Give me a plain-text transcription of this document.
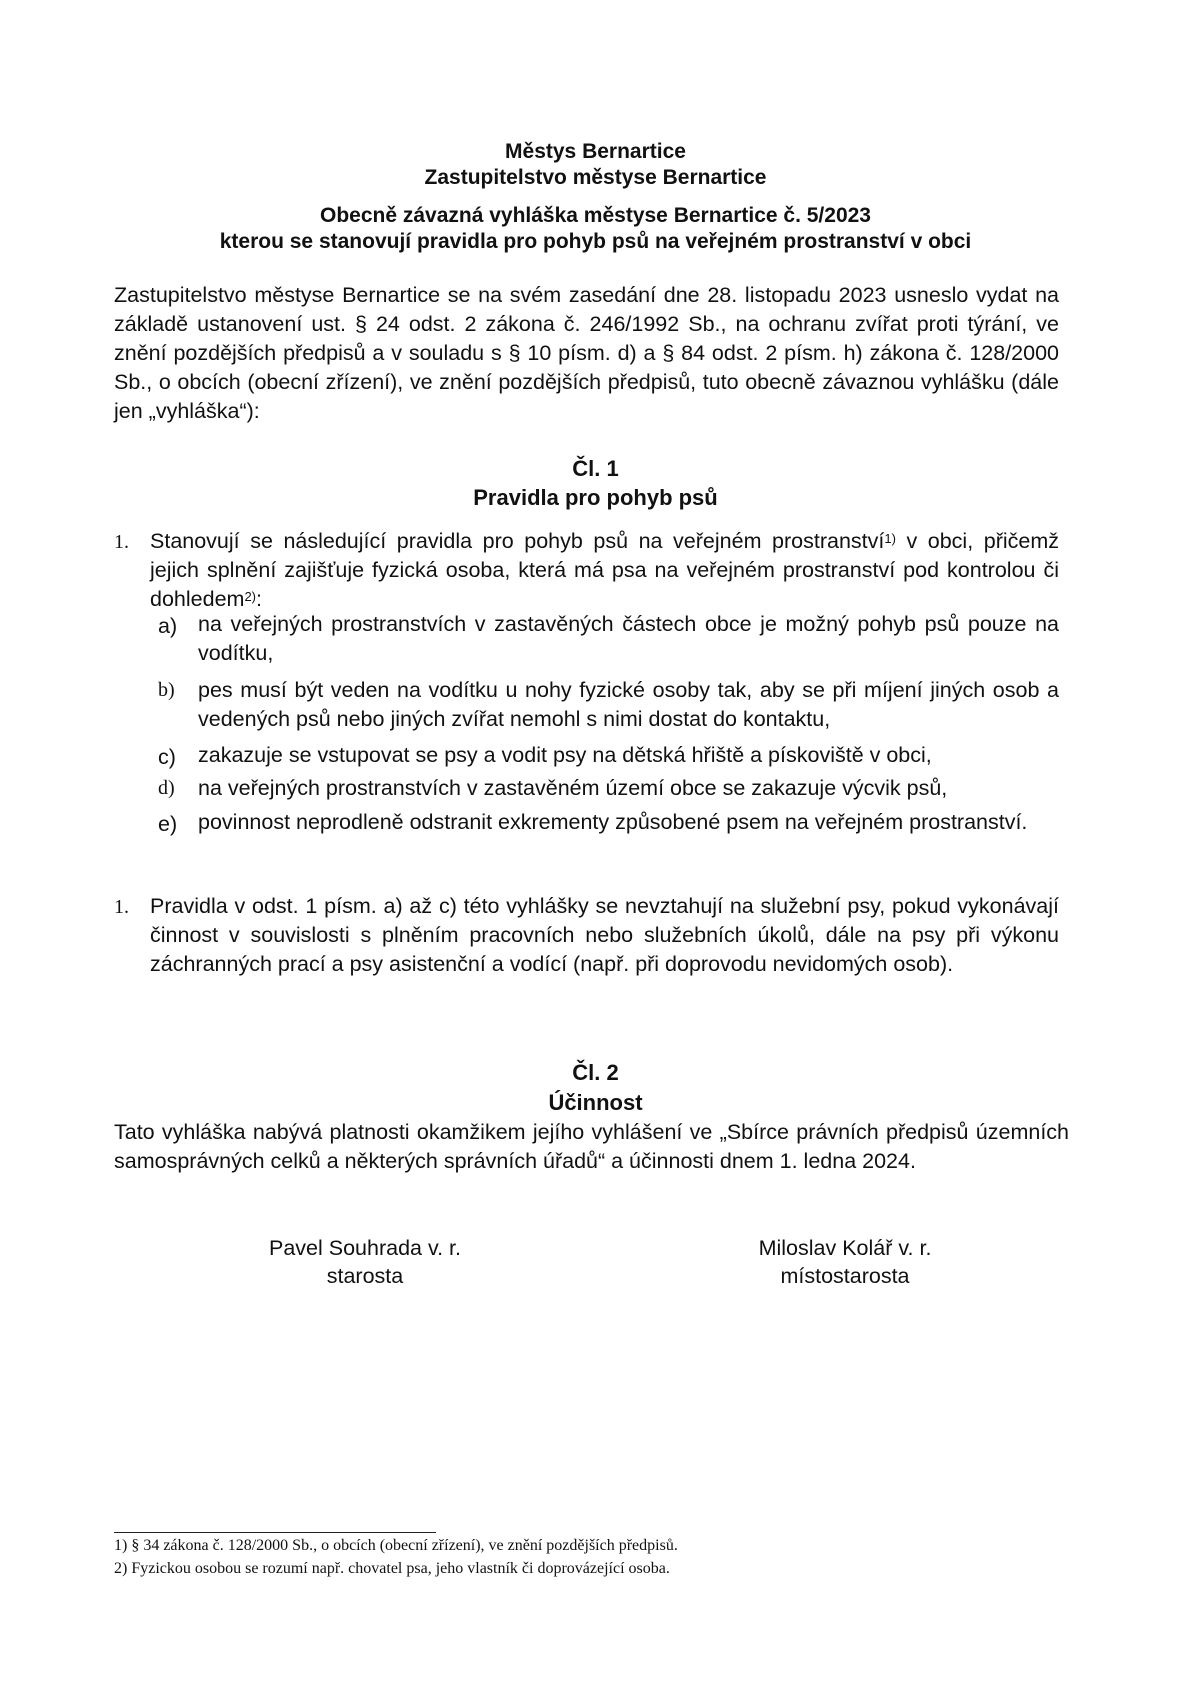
Městys Bernartice
Zastupitelstvo městyse Bernartice
Obecně závazná vyhláška městyse Bernartice č. 5/2023
kterou se stanovují pravidla pro pohyb psů na veřejném prostranství v obci
Zastupitelstvo městyse Bernartice se na svém zasedání dne 28. listopadu 2023 usneslo vydat na základě ustanovení ust. § 24 odst. 2 zákona č. 246/1992 Sb., na ochranu zvířat proti týrání, ve znění pozdějších předpisů a v souladu s § 10 písm. d) a § 84 odst. 2 písm. h) zákona č. 128/2000 Sb., o obcích (obecní zřízení), ve znění pozdějších předpisů, tuto obecně závaznou vyhlášku (dále jen „vyhláška“):
Čl. 1
Pravidla pro pohyb psů
1. Stanovují se následující pravidla pro pohyb psů na veřejném prostranství$^{1)}$ v obci, přičemž jejich splnění zajišťuje fyzická osoba, která má psa na veřejném prostranství pod kontrolou či dohledem$^{2)}$:
a) na veřejných prostranstvích v zastavěných částech obce je možný pohyb psů pouze na vodítku,
b) pes musí být veden na vodítku u nohy fyzické osoby tak, aby se při míjení jiných osob a vedených psů nebo jiných zvířat nemohl s nimi dostat do kontaktu,
c) zakazuje se vstupovat se psy a vodit psy na dětská hřiště a pískoviště v obci,
d) na veřejných prostranstvích v zastavěném území obce se zakazuje výcvik psů,
e) povinnost neprodleně odstranit exkrementy způsobené psem na veřejném prostranství.
1. Pravidla v odst. 1 písm. a) až c) této vyhlášky se nevztahují na služební psy, pokud vykonávají činnost v souvislosti s plněním pracovních nebo služebních úkolů, dále na psy při výkonu záchranných prací a psy asistenční a vodící (např. při doprovodu nevidomých osob).
Čl. 2
Účinnost
Tato vyhláška nabývá platnosti okamžikem jejího vyhlášení ve „Sbírce právních předpisů územních samosprávných celků a některých správních úřadů“ a účinnosti dnem 1. ledna 2024.
Pavel Souhrada v. r.
starosta
Miloslav Kolář v. r.
místostarosta
1) § 34 zákona č. 128/2000 Sb., o obcích (obecní zřízení), ve znění pozdějších předpisů.
2) Fyzickou osobou se rozumí např. chovatel psa, jeho vlastník či doprovázející osoba.
